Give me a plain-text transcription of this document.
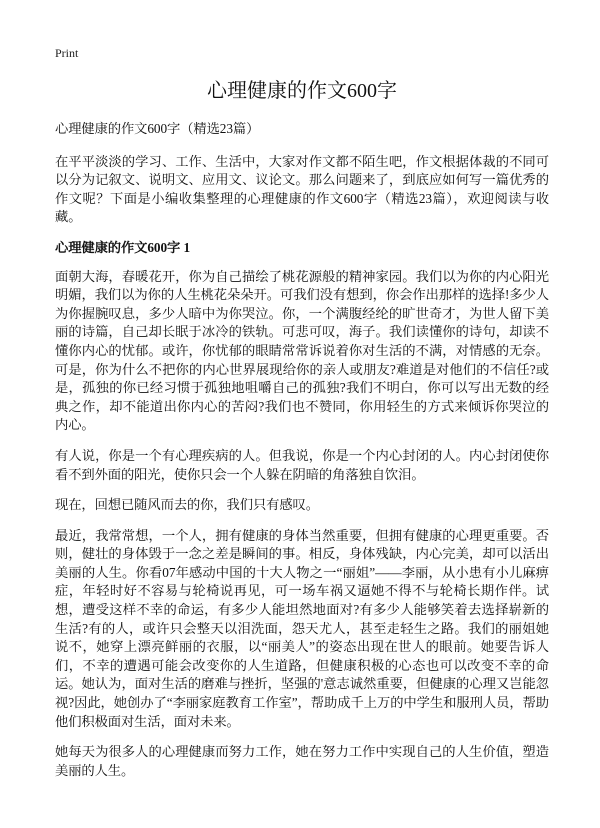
Print
心理健康的作文600字

心理健康的作文600字（精选23篇）

在平平淡淡的学习、工作、生活中，大家对作文都不陌生吧，作文根据体裁的不同可以分为记叙文、说明文、应用文、议论文。那么问题来了，到底应如何写一篇优秀的作文呢？下面是小编收集整理的心理健康的作文600字（精选23篇），欢迎阅读与收藏。

心理健康的作文600字 1

面朝大海，春暖花开，你为自己描绘了桃花源般的精神家园。我们以为你的内心阳光明媚，我们以为你的人生桃花朵朵开。可我们没有想到，你会作出那样的选择!多少人为你握腕叹息，多少人暗中为你哭泣。你，一个满腹经纶的旷世奇才，为世人留下美丽的诗篇，自己却长眠于冰冷的铁轨。可悲可叹，海子。我们读懂你的诗句，却读不懂你内心的忧郁。或许，你忧郁的眼睛常常诉说着你对生活的不满，对情感的无奈。可是，你为什么不把你的内心世界展现给你的亲人或朋友?难道是对他们的不信任?或是，孤独的你已经习惯于孤独地咀嚼自己的孤独?我们不明白，你可以写出无数的经典之作，却不能道出你内心的苦闷?我们也不赞同，你用轻生的方式来倾诉你哭泣的内心。

有人说，你是一个有心理疾病的人。但我说，你是一个内心封闭的人。内心封闭使你看不到外面的阳光，使你只会一个人躲在阴暗的角落独自饮泪。

现在，回想已随风而去的你，我们只有感叹。

最近，我常常想，一个人，拥有健康的身体当然重要，但拥有健康的心理更重要。否则，健壮的身体毁于一念之差是瞬间的事。相反，身体残缺，内心完美，却可以活出美丽的人生。你看07年感动中国的十大人物之一“丽姐”——李丽，从小患有小儿麻痹症，年轻时好不容易与轮椅说再见，可一场车祸又逼她不得不与轮椅长期作伴。试想，遭受这样不幸的命运，有多少人能坦然地面对?有多少人能够笑着去选择崭新的生活?有的人，或许只会整天以泪洗面，怨天尤人，甚至走轻生之路。我们的丽姐她说不，她穿上漂亮鲜丽的衣服，以“丽美人”的姿态出现在世人的眼前。她要告诉人们，不幸的遭遇可能会改变你的人生道路，但健康积极的心态也可以改变不幸的命运。她认为，面对生活的磨难与挫折，坚强的'意志诚然重要，但健康的心理又岂能忽视?因此，她创办了“李丽家庭教育工作室”，帮助成千上万的中学生和服刑人员，帮助他们积极面对生活，面对未来。

她每天为很多人的心理健康而努力工作，她在努力工作中实现自己的人生价值，塑造美丽的人生。
